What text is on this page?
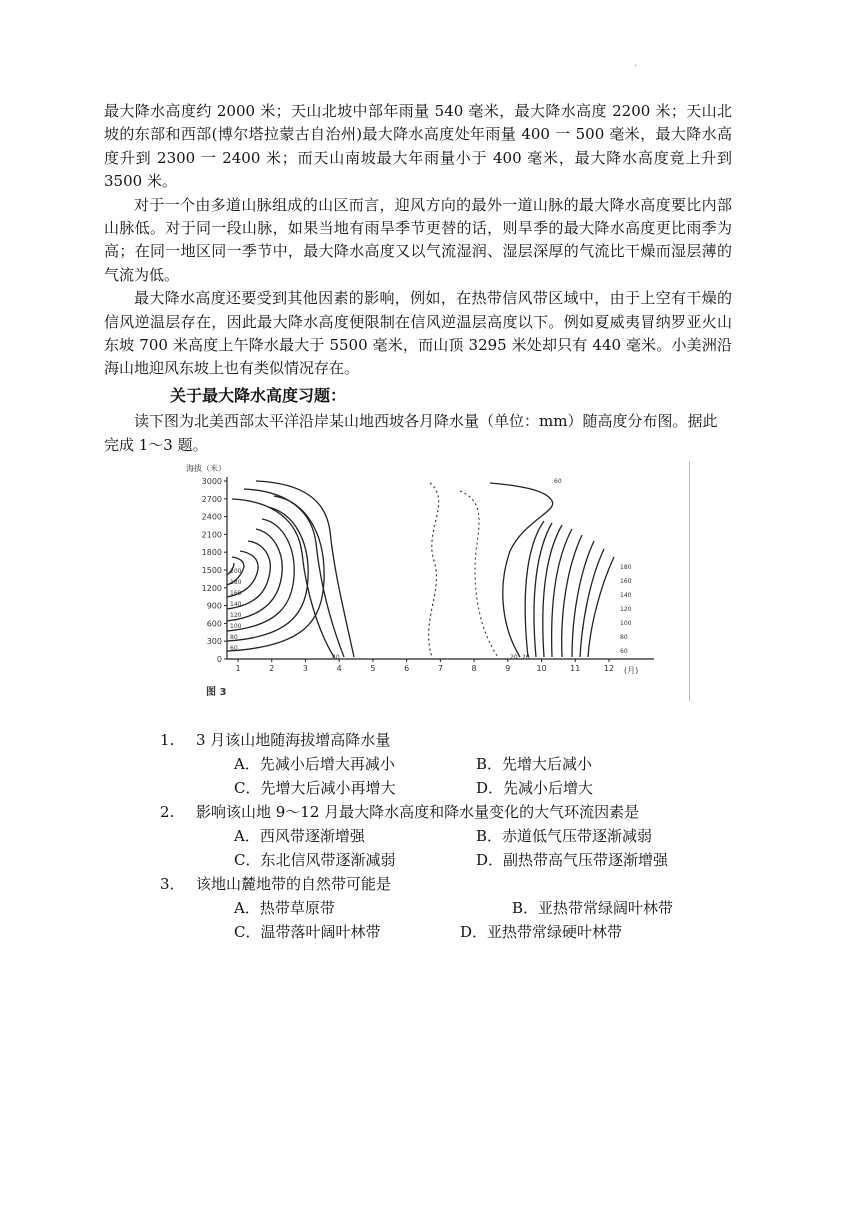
.

最大降水高度约 2000 米；天山北坡中部年雨量 540 毫米，最大降水高度 2200 米；天山北坡的东部和西部(博尔塔拉蒙古自治州)最大降水高度处年雨量 400 一 500 毫米，最大降水高度升到 2300 一 2400 米；而天山南坡最大年雨量小于 400 毫米，最大降水高度竟上升到 3500 米。

对于一个由多道山脉组成的山区而言，迎风方向的最外一道山脉的最大降水高度要比内部山脉低。对于同一段山脉，如果当地有雨旱季节更替的话，则旱季的最大降水高度更比雨季为高；在同一地区同一季节中，最大降水高度又以气流湿润、湿层深厚的气流比干燥而湿层薄的气流为低。

最大降水高度还要受到其他因素的影响，例如，在热带信风带区域中，由于上空有干燥的信风逆温层存在，因此最大降水高度便限制在信风逆温层高度以下。例如夏威夷冒纳罗亚火山东坡 700 米高度上午降水最大于 5500 毫米，而山顶 3295 米处却只有 440 毫米。小美洲沿海山地迎风东坡上也有类似情况存在。

关于最大降水高度习题：

读下图为北美西部太平洋沿岸某山地西坡各月降水量（单位：mm）随高度分布图。据此完成 1～3 题。

海拔（米）
0
300
600
900
1200
1500
1800
2100
2400
2700
3000
1	2	3	4	5	6	7	8	9	10	11	12 (月)
图 3
200
180
160
140
120
100
80
60
180
160
140
120
100
80
60
40	20 20
60
1. 3 月该山地随海拔增高降水量
A．先减小后增大再减小	B．先增大后减小
C．先增大后减小再增大	D．先减小后增大
2. 影响该山地 9～12 月最大降水高度和降水量变化的大气环流因素是
A．西风带逐渐增强	B．赤道低气压带逐渐减弱
C．东北信风带逐渐减弱	D．副热带高气压带逐渐增强
3． 该地山麓地带的自然带可能是
A．热带草原带	B．亚热带常绿阔叶林带
C．温带落叶阔叶林带	D．亚热带常绿硬叶林带
